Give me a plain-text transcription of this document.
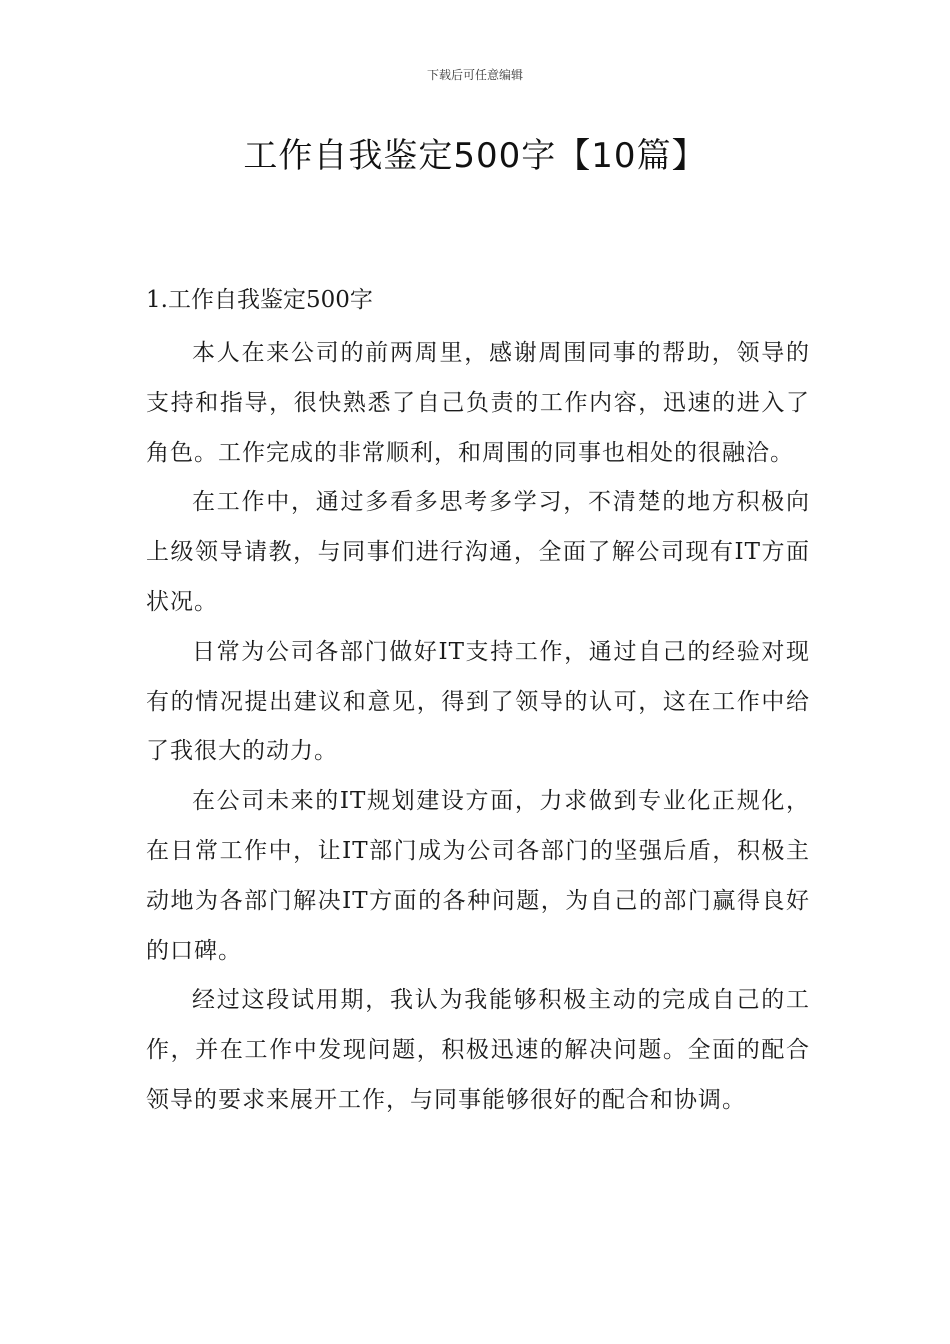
下载后可任意编辑
工作自我鉴定500字【10篇】
1.工作自我鉴定500字

本人在来公司的前两周里，感谢周围同事的帮助，领导的支持和指导，很快熟悉了自己负责的工作内容，迅速的进入了角色。工作完成的非常顺利，和周围的同事也相处的很融洽。

在工作中，通过多看多思考多学习，不清楚的地方积极向上级领导请教，与同事们进行沟通，全面了解公司现有IT方面状况。

日常为公司各部门做好IT支持工作，通过自己的经验对现有的情况提出建议和意见，得到了领导的认可，这在工作中给了我很大的动力。

在公司未来的IT规划建设方面，力求做到专业化正规化，在日常工作中，让IT部门成为公司各部门的坚强后盾，积极主动地为各部门解决IT方面的各种问题，为自己的部门赢得良好的口碑。

经过这段试用期，我认为我能够积极主动的完成自己的工作，并在工作中发现问题，积极迅速的解决问题。全面的配合领导的要求来展开工作，与同事能够很好的配合和协调。
